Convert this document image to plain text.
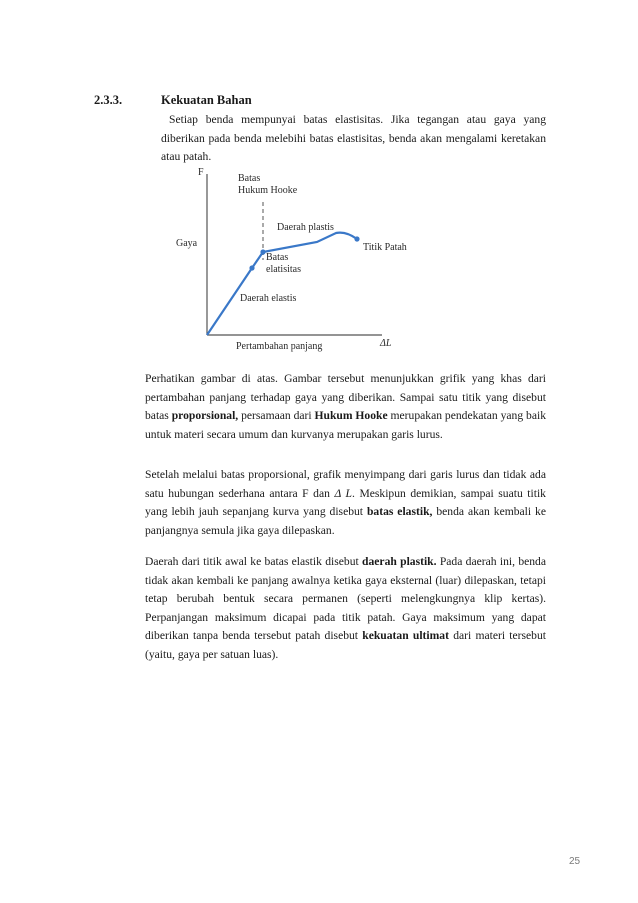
2.3.3.	Kekuatan Bahan

Setiap benda mempunyai batas elastisitas. Jika tegangan atau gaya yang diberikan pada benda melebihi batas elastisitas, benda akan mengalami keretakan atau patah.

F
Gaya
Batas
Hukum Hooke
Daerah plastis
Titik Patah
Batas
elatisitas
Daerah elastis
Pertambahan panjang	ΔL

Perhatikan gambar di atas. Gambar tersebut menunjukkan grifik yang khas dari pertambahan panjang terhadap gaya yang diberikan. Sampai satu titik yang disebut batas proporsional, persamaan dari Hukum Hooke merupakan pendekatan yang baik untuk materi secara umum dan kurvanya merupakan garis lurus.

Setelah melalui batas proporsional, grafik menyimpang dari garis lurus dan tidak ada satu hubungan sederhana antara F dan Δ L. Meskipun demikian, sampai suatu titik yang lebih jauh sepanjang kurva yang disebut batas elastik, benda akan kembali ke panjangnya semula jika gaya dilepaskan.

Daerah dari titik awal ke batas elastik disebut daerah plastik. Pada daerah ini, benda tidak akan kembali ke panjang awalnya ketika gaya eksternal (luar) dilepaskan, tetapi tetap berubah bentuk secara permanen (seperti melengkungnya klip kertas). Perpanjangan maksimum dicapai pada titik patah. Gaya maksimum yang dapat diberikan tanpa benda tersebut patah disebut kekuatan ultimat dari materi tersebut (yaitu, gaya per satuan luas).

25
